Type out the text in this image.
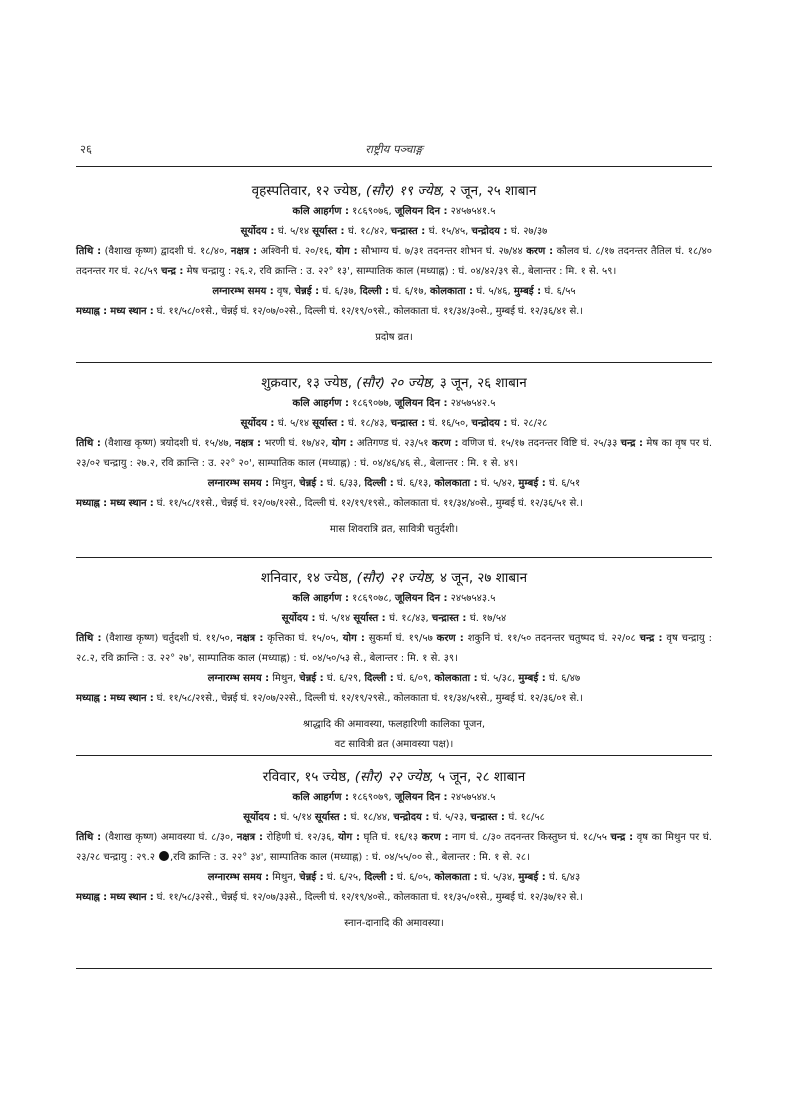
२६	राष्ट्रीय पञ्चाङ्ग
वृहस्पतिवार, १२ ज्येष्ठ, (सौर) १९ ज्येष्ठ, २ जून, २५ शाबान
कलि आहर्गण : १८६९०७६, जूलियन दिन : २४५७५४१.५
सूर्योदय : घं. ५/१४ सूर्यास्त : घं. १८/४२, चन्द्रास्त : घं. १५/४५, चन्द्रोदय : घं. २७/३७
तिथि : (वैशाख कृष्ण) द्वादशी घं. १८/४०, नक्षत्र : अश्विनी घं. २०/१६, योग : सौभाग्य घं. ७/३१ तदनन्तर शोभन घं. २७/४४ करण : कौलव घं. ८/१७ तदनन्तर तैतिल घं. १८/४० तदनन्तर गर घं. २८/५९ चन्द्र : मेष चन्द्रायु : २६.२, रवि क्रान्ति : उ. २२° १३', साम्पातिक काल (मध्याह्न) : घं. ०४/४२/३९ से., बेलान्तर : मि. १ से. ५९।
लग्नारम्भ समय : वृष, चेन्नई : घं. ६/३७, दिल्ली : घं. ६/१७, कोलकाता : घं. ५/४६, मुम्बई : घं. ६/५५
मध्याह्न : मध्य स्थान : घं. ११/५८/०१से., चेन्नई घं. १२/०७/०२से., दिल्ली घं. १२/१९/०९से., कोलकाता घं. ११/३४/३०से., मुम्बई घं. १२/३६/४१ से.।
प्रदोष व्रत।
शुक्रवार, १३ ज्येष्ठ, (सौर) २० ज्येष्ठ, ३ जून, २६ शाबान
कलि आहर्गण : १८६९०७७, जूलियन दिन : २४५७५४२.५
सूर्योदय : घं. ५/१४ सूर्यास्त : घं. १८/४३, चन्द्रास्त : घं. १६/५०, चन्द्रोदय : घं. २८/२८
तिथि : (वैशाख कृष्ण) त्रयोदशी घं. १५/४७, नक्षत्र : भरणी घं. १७/४२, योग : अतिगण्ड घं. २३/५१ करण : वणिज घं. १५/१७ तदनन्तर विष्टि घं. २५/३३ चन्द्र : मेष का वृष पर घं. २३/०२ चन्द्रायु : २७.२, रवि क्रान्ति : उ. २२° २०', साम्पातिक काल (मध्याह्न) : घं. ०४/४६/४६ से., बेलान्तर : मि. १ से. ४९।
लग्नारम्भ समय : मिथुन, चेन्नई : घं. ६/३३, दिल्ली : घं. ६/१३, कोलकाता : घं. ५/४२, मुम्बई : घं. ६/५१
मध्याह्न : मध्य स्थान : घं. ११/५८/११से., चेन्नई घं. १२/०७/१२से., दिल्ली घं. १२/१९/१९से., कोलकाता घं. ११/३४/४०से., मुम्बई घं. १२/३६/५१ से.।
मास शिवरात्रि व्रत, सावित्री चतुर्दशी।
शनिवार, १४ ज्येष्ठ, (सौर) २१ ज्येष्ठ, ४ जून, २७ शाबान
कलि आहर्गण : १८६९०७८, जूलियन दिन : २४५७५४३.५
सूर्योदय : घं. ५/१४ सूर्यास्त : घं. १८/४३, चन्द्रास्त : घं. १७/५४
तिथि : (वैशाख कृष्ण) चर्तुदशी घं. ११/५०, नक्षत्र : कृत्तिका घं. १५/०५, योग : सुकर्मा घं. १९/५७ करण : शकुनि घं. ११/५० तदनन्तर चतुष्पद घं. २२/०८ चन्द्र : वृष चन्द्रायु : २८.२, रवि क्रान्ति : उ. २२° २७', साम्पातिक काल (मध्याह्न) : घं. ०४/५०/५३ से., बेलान्तर : मि. १ से. ३९।
लग्नारम्भ समय : मिथुन, चेन्नई : घं. ६/२९, दिल्ली : घं. ६/०९, कोलकाता : घं. ५/३८, मुम्बई : घं. ६/४७
मध्याह्न : मध्य स्थान : घं. ११/५८/२१से., चेन्नई घं. १२/०७/२२से., दिल्ली घं. १२/१९/२९से., कोलकाता घं. ११/३४/५१से., मुम्बई घं. १२/३६/०१ से.।
श्राद्धादि की अमावस्या, फलहारिणी कालिका पूजन,
वट सावित्री व्रत (अमावस्या पक्ष)।
रविवार, १५ ज्येष्ठ, (सौर) २२ ज्येष्ठ, ५ जून, २८ शाबान
कलि आहर्गण : १८६९०७९, जूलियन दिन : २४५७५४४.५
सूर्योदय : घं. ५/१४ सूर्यास्त : घं. १८/४४, चन्द्रोदय : घं. ५/२३, चन्द्रास्त : घं. १८/५८
तिथि : (वैशाख कृष्ण) अमावस्या घं. ८/३०, नक्षत्र : रोहिणी घं. १२/३६, योग : घृति घं. १६/१३ करण : नाग घं. ८/३० तदनन्तर किस्तुघ्न घं. १८/५५ चन्द्र : वृष का मिथुन पर घं. २३/२८ चन्द्रायु : २९.२ ,रवि क्रान्ति : उ. २२° ३४', साम्पातिक काल (मध्याह्न) : घं. ०४/५५/०० से., बेलान्तर : मि. १ से. २८।
लग्नारम्भ समय : मिथुन, चेन्नई : घं. ६/२५, दिल्ली : घं. ६/०५, कोलकाता : घं. ५/३४, मुम्बई : घं. ६/४३
मध्याह्न : मध्य स्थान : घं. ११/५८/३२से., चेन्नई घं. १२/०७/३३से., दिल्ली घं. १२/१९/४०से., कोलकाता घं. ११/३५/०१से., मुम्बई घं. १२/३७/१२ से.।
स्नान-दानादि की अमावस्या।
